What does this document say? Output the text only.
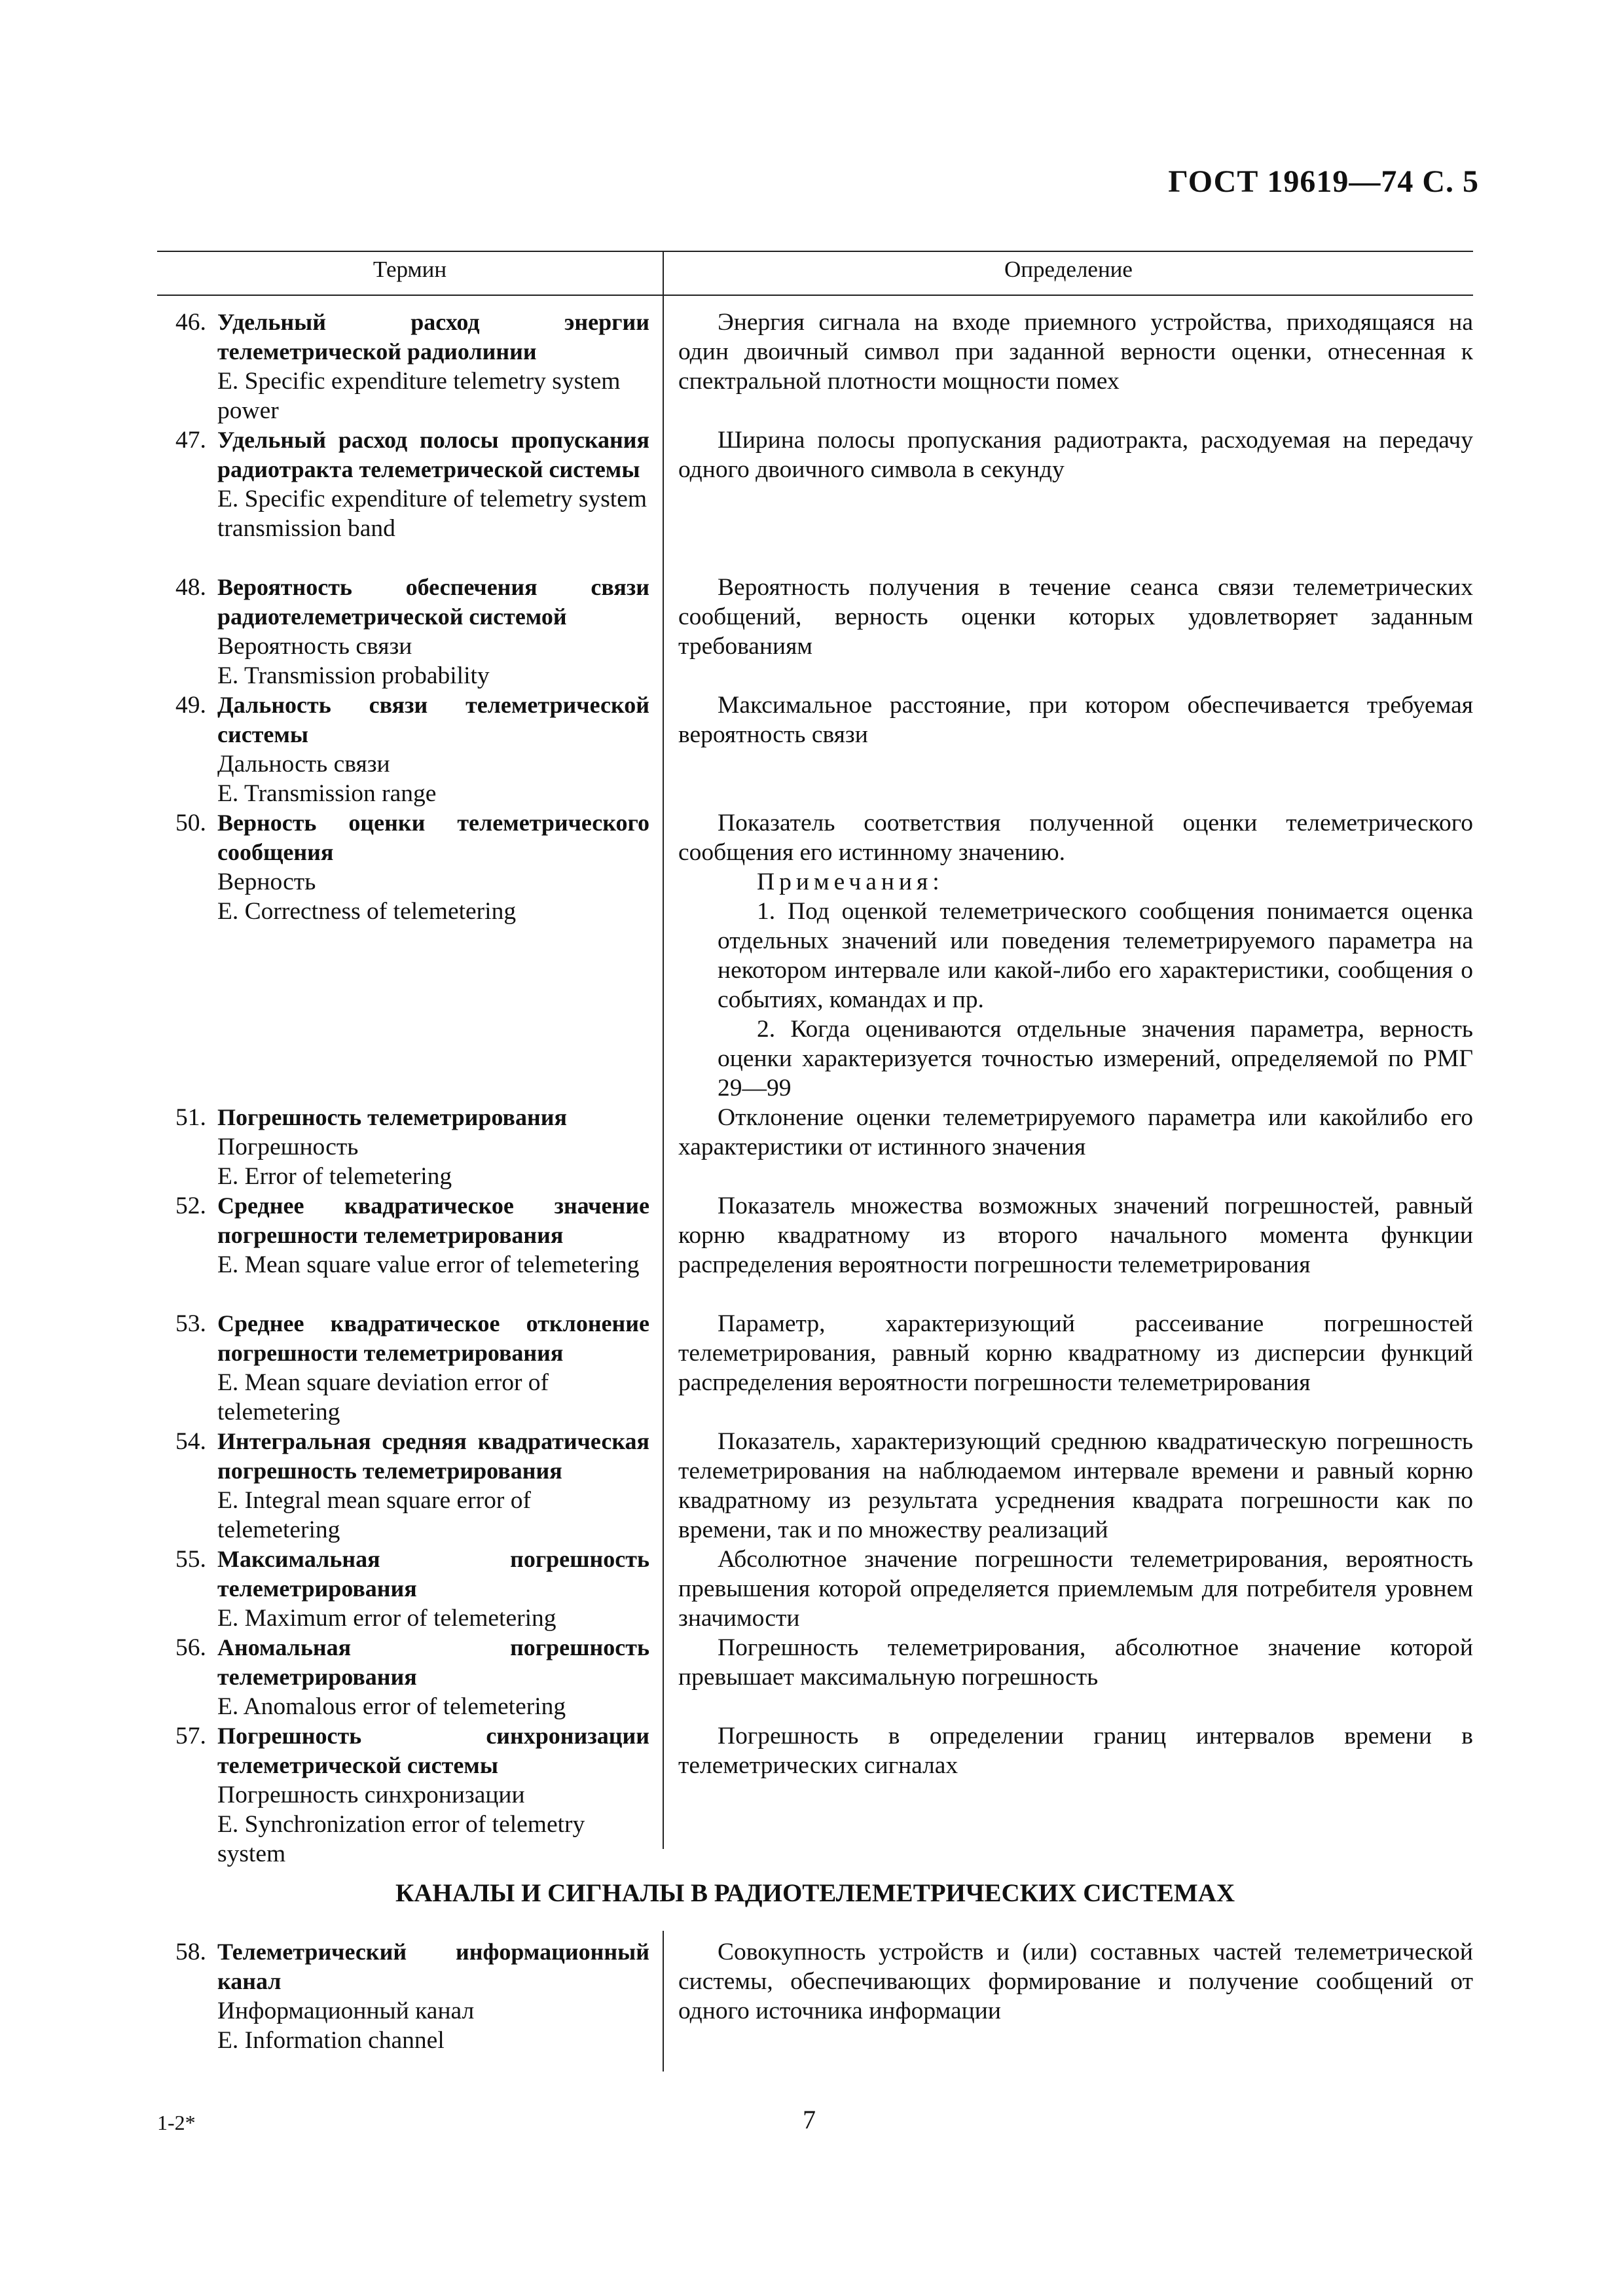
ГОСТ 19619—74 С. 5
Термин	Определение
46. Удельный расход энергии телеметрической радиолинии
E. Specific expenditure telemetry system power
Энергия сигнала на входе приемного устройства, приходящаяся на один двоичный символ при заданной верности оценки, отнесенная к спектральной плотности мощности помех
47. Удельный расход полосы пропускания радиотракта телеметрической системы
E. Specific expenditure of telemetry system transmission band
Ширина полосы пропускания радиотракта, расходуемая на передачу одного двоичного символа в секунду
48. Вероятность обеспечения связи радиотелеметрической системой
Вероятность связи
E. Transmission probability
Вероятность получения в течение сеанса связи телеметрических сообщений, верность оценки которых удовлетворяет заданным требованиям
49. Дальность связи телеметрической системы
Дальность связи
E. Transmission range
Максимальное расстояние, при котором обеспечивается требуемая вероятность связи
50. Верность оценки телеметрического сообщения
Верность
E. Correctness of telemetering
Показатель соответствия полученной оценки телеметрического сообщения его истинному значению.
Примечания:
1. Под оценкой телеметрического сообщения понимается оценка отдельных значений или поведения телеметрируемого параметра на некотором интервале или какой-либо его характеристики, сообщения о событиях, командах и пр.
2. Когда оцениваются отдельные значения параметра, верность оценки характеризуется точностью измерений, определяемой по РМГ 29—99
51. Погрешность телеметрирования
Погрешность
E. Error of telemetering
Отклонение оценки телеметрируемого параметра или какойлибо его характеристики от истинного значения
52. Среднее квадратическое значение погрешности телеметрирования
E. Mean square value error of telemetering
Показатель множества возможных значений погрешностей, равный корню квадратному из второго начального момента функции распределения вероятности погрешности телеметрирования
53. Среднее квадратическое отклонение погрешности телеметрирования
E. Mean square deviation error of telemetering
Параметр, характеризующий рассеивание погрешностей телеметрирования, равный корню квадратному из дисперсии функций распределения вероятности погрешности телеметрирования
54. Интегральная средняя квадратическая погрешность телеметрирования
E. Integral mean square error of telemetering
Показатель, характеризующий среднюю квадратическую погрешность телеметрирования на наблюдаемом интервале времени и равный корню квадратному из результата усреднения квадрата погрешности как по времени, так и по множеству реализаций
55. Максимальная погрешность телеметрирования
E. Maximum error of telemetering
Абсолютное значение погрешности телеметрирования, вероятность превышения которой определяется приемлемым для потребителя уровнем значимости
56. Аномальная погрешность телеметрирования
E. Anomalous error of telemetering
Погрешность телеметрирования, абсолютное значение которой превышает максимальную погрешность
57. Погрешность синхронизации телеметрической системы
Погрешность синхронизации
E. Synchronization error of telemetry system
Погрешность в определении границ интервалов времени в телеметрических сигналах
КАНАЛЫ И СИГНАЛЫ В РАДИОТЕЛЕМЕТРИЧЕСКИХ СИСТЕМАХ
58. Телеметрический информационный канал
Информационный канал
E. Information channel
Совокупность устройств и (или) составных частей телеметрической системы, обеспечивающих формирование и получение сообщений от одного источника информации
1-2*	7
